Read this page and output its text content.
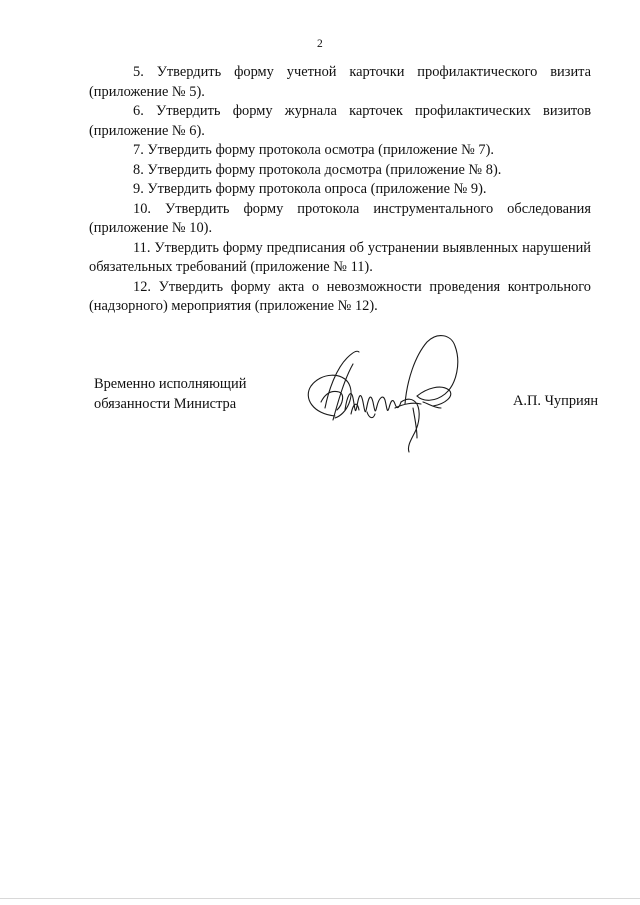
2

5. Утвердить форму учетной карточки профилактического визита (приложение № 5).

6. Утвердить форму журнала карточек профилактических визитов (приложение № 6).

7. Утвердить форму протокола осмотра (приложение № 7).

8. Утвердить форму протокола досмотра (приложение № 8).

9. Утвердить форму протокола опроса (приложение № 9).

10. Утвердить форму протокола инструментального обследования (приложение № 10).

11. Утвердить форму предписания об устранении выявленных нарушений обязательных требований (приложение № 11).

12. Утвердить форму акта о невозможности проведения контрольного (надзорного) мероприятия (приложение № 12).

Временно исполняющий
обязанности Министра	А.П. Чуприян
